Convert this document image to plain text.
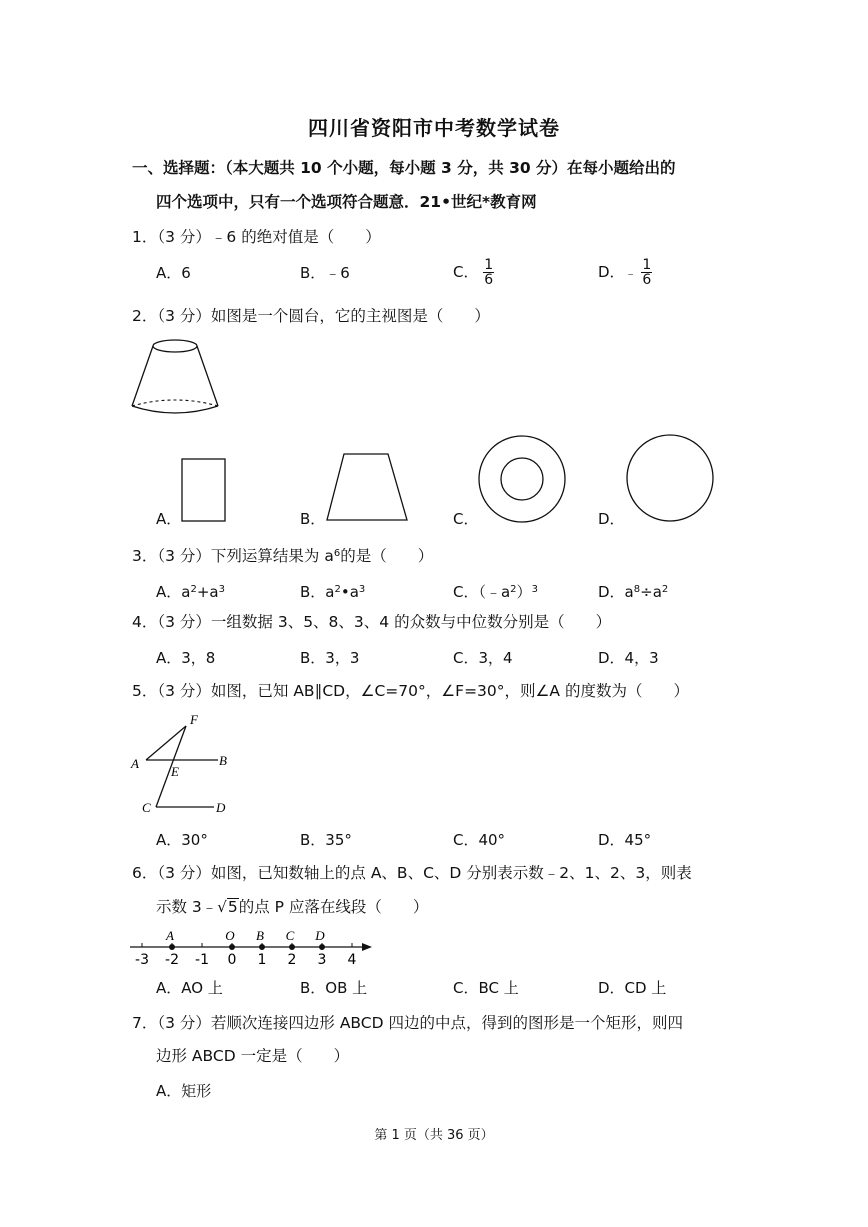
四川省资阳市中考数学试卷
一、选择题：（本大题共 10 个小题，每小题 3 分，共 30 分）在每小题给出的
四个选项中，只有一个选项符合题意．21•世纪*教育网
1．（3 分）﹣6 的绝对值是（　　）
A．6	B．﹣6	C． $\frac{1}{6}$	D．﹣ $\frac{1}{6}$
2．（3 分）如图是一个圆台，它的主视图是（　　）
A．	B．	C．	D．
3．（3 分）下列运算结果为 $a^6$的是（　　）
A．$a^2+a^3$	B．$a^2•a^3$	C．$(﹣a^2)^3$	D．$a^8\div a^2$
4．（3 分）一组数据 3、5、8、3、4 的众数与中位数分别是（　　）
A．3，8	B．3，3	C．3，4	D．4，3
5．（3 分）如图，已知 AB∥CD，∠C=70°，∠F=30°，则∠A 的度数为（　　）
A	B
C	D
E
F
A．30°	B．35°	C．40°	D．45°
6．（3 分）如图，已知数轴上的点 A、B、C、D 分别表示数﹣2、1、2、3，则表
示数 3﹣√5的点 P 应落在线段（　　）
-3 -2 -1 0 1 2 3 4
A	O B C D
A．AO 上	B．OB 上	C．BC 上	D．CD 上
7．（3 分）若顺次连接四边形 ABCD 四边的中点，得到的图形是一个矩形，则四
边形 ABCD 一定是（　　）
A．矩形
第 1 页（共 36 页）
